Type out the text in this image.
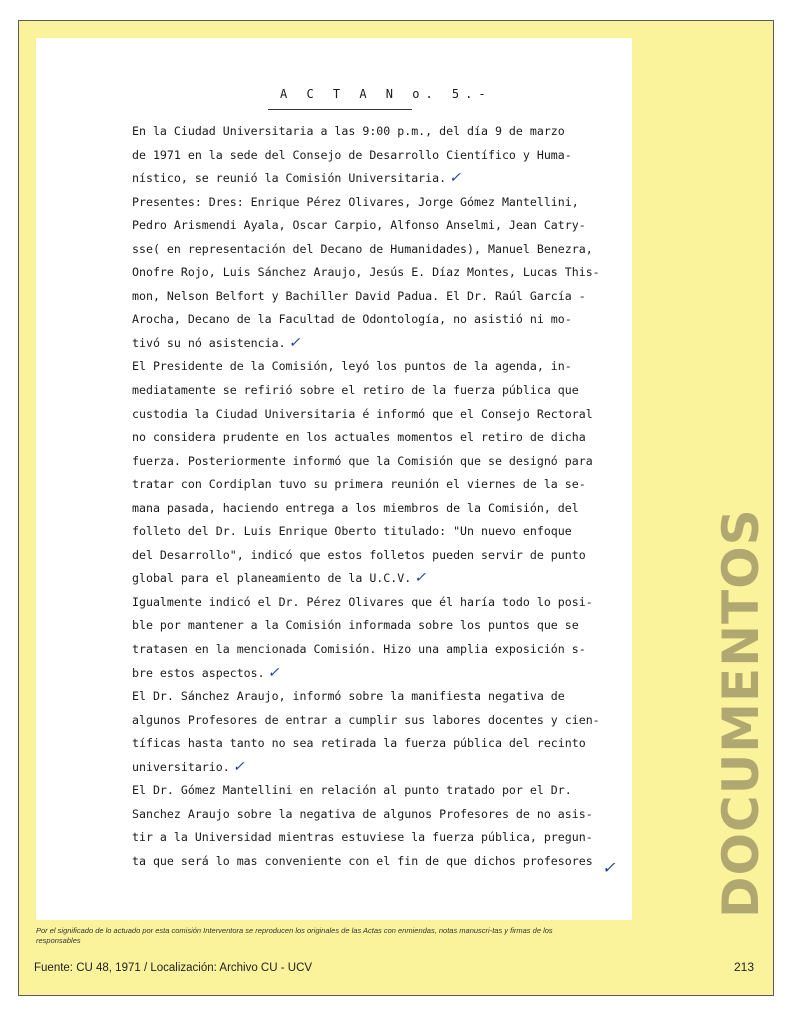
A C T A N o. 5.-
En la Ciudad Universitaria a las 9:00 p.m., del día 9 de marzo
de 1971 en la sede del Consejo de Desarrollo Científico y Huma-
nístico, se reunió la Comisión Universitaria. ✓
Presentes: Dres: Enrique Pérez Olivares, Jorge Gómez Mantellini,
Pedro Arismendi Ayala, Oscar Carpio, Alfonso Anselmi, Jean Catry-
sse( en representación del Decano de Humanidades), Manuel Benezra,
Onofre Rojo, Luis Sánchez Araujo, Jesús E. Díaz Montes, Lucas This-
mon, Nelson Belfort y Bachiller David Padua. El Dr. Raúl García -
Arocha, Decano de la Facultad de Odontología, no asistió ni mo-
tivó su nó asistencia. ✓
El Presidente de la Comisión, leyó los puntos de la agenda, in-
mediatamente se refirió sobre el retiro de la fuerza pública que
custodia la Ciudad Universitaria é informó que el Consejo Rectoral
no considera prudente en los actuales momentos el retiro de dicha
fuerza. Posteriormente informó que la Comisión que se designó para
tratar con Cordiplan tuvo su primera reunión el viernes de la se-
mana pasada, haciendo entrega a los miembros de la Comisión, del
folleto del Dr. Luis Enrique Oberto titulado: "Un nuevo enfoque
del Desarrollo", indicó que estos folletos pueden servir de punto
global para el planeamiento de la U.C.V. ✓
Igualmente indicó el Dr. Pérez Olivares que él haría todo lo posi-
ble por mantener a la Comisión informada sobre los puntos que se
tratasen en la mencionada Comisión. Hizo una amplia exposición s-
bre estos aspectos. ✓
El Dr. Sánchez Araujo, informó sobre la manifiesta negativa de
algunos Profesores de entrar a cumplir sus labores docentes y cien-
tíficas hasta tanto no sea retirada la fuerza pública del recinto
universitario. ✓
El Dr. Gómez Mantellini en relación al punto tratado por el Dr.
Sanchez Araujo sobre la negativa de algunos Profesores de no asis-
tir a la Universidad mientras estuviese la fuerza pública, pregun-
ta que será lo mas conveniente con el fin de que dichos profesores ✓ DOCUMENTOS
Por el significado de lo actuado por esta comisión Interventora se reproducen los originales de las Actas con enmiendas, notas manuscri-tas y firmas de los responsables
Fuente: CU 48, 1971 / Localización: Archivo CU - UCV	213
